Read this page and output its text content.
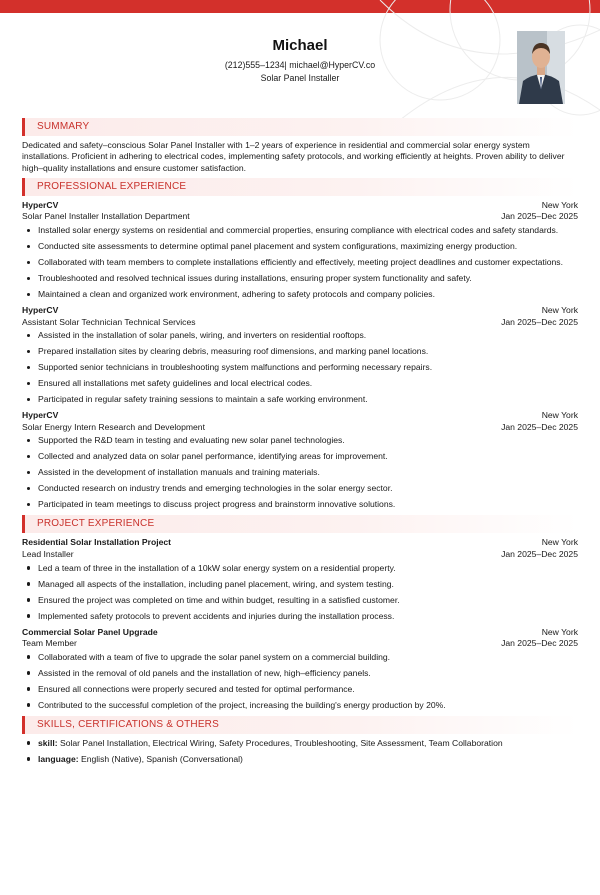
Michael
(212)555‒1234| michael@HyperCV.co
Solar Panel Installer
SUMMARY
Dedicated and safety‒conscious Solar Panel Installer with 1‒2 years of experience in residential and commercial solar energy system installations. Proficient in adhering to electrical codes, implementing safety protocols, and working efficiently at heights. Proven ability to deliver high‒quality installations and ensure customer satisfaction.
PROFESSIONAL EXPERIENCE
HyperCV	New York
Solar Panel Installer Installation Department	Jan 2025‒Dec 2025
Installed solar energy systems on residential and commercial properties, ensuring compliance with electrical codes and safety standards.
Conducted site assessments to determine optimal panel placement and system configurations, maximizing energy production.
Collaborated with team members to complete installations efficiently and effectively, meeting project deadlines and customer expectations.
Troubleshooted and resolved technical issues during installations, ensuring proper system functionality and safety.
Maintained a clean and organized work environment, adhering to safety protocols and company policies.
HyperCV	New York
Assistant Solar Technician Technical Services	Jan 2025‒Dec 2025
Assisted in the installation of solar panels, wiring, and inverters on residential rooftops.
Prepared installation sites by clearing debris, measuring roof dimensions, and marking panel locations.
Supported senior technicians in troubleshooting system malfunctions and performing necessary repairs.
Ensured all installations met safety guidelines and local electrical codes.
Participated in regular safety training sessions to maintain a safe working environment.
HyperCV	New York
Solar Energy Intern Research and Development	Jan 2025‒Dec 2025
Supported the R&D team in testing and evaluating new solar panel technologies.
Collected and analyzed data on solar panel performance, identifying areas for improvement.
Assisted in the development of installation manuals and training materials.
Conducted research on industry trends and emerging technologies in the solar energy sector.
Participated in team meetings to discuss project progress and brainstorm innovative solutions.
PROJECT EXPERIENCE
Residential Solar Installation Project	New York
Lead Installer	Jan 2025‒Dec 2025
Led a team of three in the installation of a 10kW solar energy system on a residential property.
Managed all aspects of the installation, including panel placement, wiring, and system testing.
Ensured the project was completed on time and within budget, resulting in a satisfied customer.
Implemented safety protocols to prevent accidents and injuries during the installation process.
Commercial Solar Panel Upgrade	New York
Team Member	Jan 2025‒Dec 2025
Collaborated with a team of five to upgrade the solar panel system on a commercial building.
Assisted in the removal of old panels and the installation of new, high‒efficiency panels.
Ensured all connections were properly secured and tested for optimal performance.
Contributed to the successful completion of the project, increasing the building's energy production by 20%.
SKILLS, CERTIFICATIONS & OTHERS
skill: Solar Panel Installation, Electrical Wiring, Safety Procedures, Troubleshooting, Site Assessment, Team Collaboration
language: English (Native), Spanish (Conversational)
